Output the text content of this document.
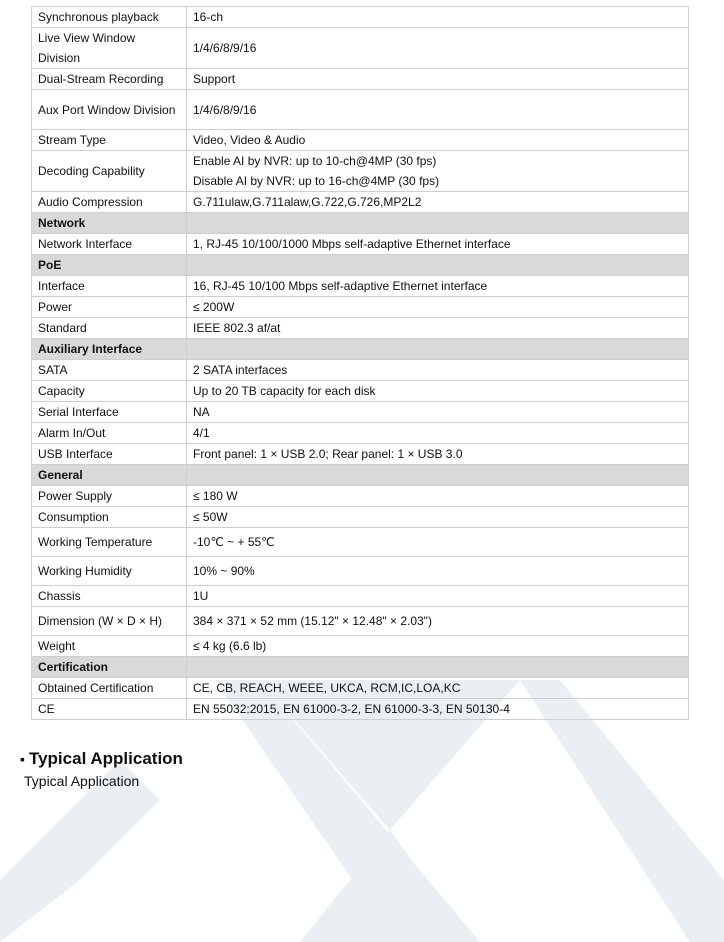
Synchronous playback	16-ch

Live View Window Division	1/4/6/8/9/16

Dual-Stream Recording	Support

Aux Port Window Division	1/4/6/8/9/16

Stream Type	Video, Video & Audio

Decoding Capability	Enable AI by NVR: up to 10-ch@4MP (30 fps)
Disable AI by NVR: up to 16-ch@4MP (30 fps)

Audio Compression	G.711ulaw,G.711alaw,G.722,G.726,MP2L2

Network	
Network Interface	1, RJ-45 10/100/1000 Mbps self-adaptive Ethernet interface

PoE	
Interface	16, RJ-45 10/100 Mbps self-adaptive Ethernet interface

Power	≤ 200W

Standard	IEEE 802.3 af/at

Auxiliary Interface	
SATA	2 SATA interfaces

Capacity	Up to 20 TB capacity for each disk

Serial Interface	NA

Alarm In/Out	4/1

USB Interface	Front panel: 1 × USB 2.0; Rear panel: 1 × USB 3.0

General	
Power Supply	≤ 180 W

Consumption	≤ 50W

Working Temperature	-10℃ ~ + 55℃

Working Humidity	10% ~ 90%

Chassis	1U

Dimension (W × D × H)	384 × 371 × 52 mm (15.12" × 12.48" × 2.03")

Weight	≤ 4 kg (6.6 lb)

Certification	
Obtained Certification	CE, CB, REACH, WEEE, UKCA, RCM,IC,LOA,KC

CE	EN 55032:2015, EN 61000-3-2, EN 61000-3-3, EN 50130-4
▪ Typical Application

Typical Application
